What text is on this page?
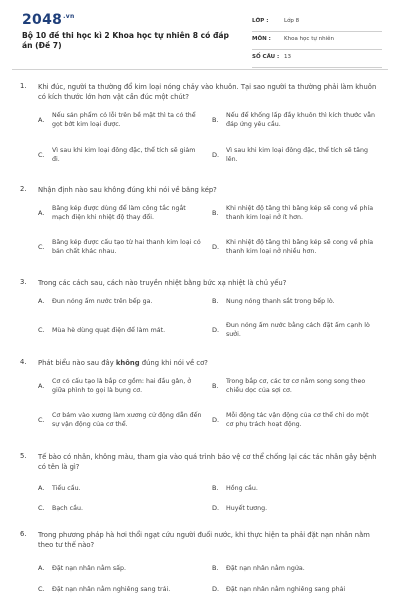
$2048^{.vn}$
Bộ 10 đề thi học kì 2 Khoa học tự nhiên 8 có đáp án (Đề 7)
LỚP :	Lớp 8
MÔN : Khoa học tự nhiên
SỐ CÂU : 13
1. Khi đúc, người ta thường đổ kim loại nóng chảy vào khuôn. Tại sao người ta thường phải làm khuôn có kích thước lớn hơn vật cần đúc một chút?
A.
Nếu sản phẩm có lỗi trên bề mặt thì ta có thể gọt bớt kim loại được.
B.
Nếu để khống lấp đầy khuôn thì kích thước vẫn đáp ứng yêu cầu.
C.
Vì sau khi kim loại đông đặc, thể tích sẽ giảm đi.
D.
Vì sau khi kim loại đông đặc, thể tích sẽ tăng lên.
2. Nhận định nào sau không đúng khi nói về băng kép?
A.
Băng kép được dùng để làm công tắc ngắt mạch điện khi nhiệt độ thay đổi.
B.
Khi nhiệt độ tăng thì băng kép sẽ cong về phía thanh kim loại nở ít hơn.
C.
Băng kép được cấu tạo từ hai thanh kim loại có bản chất khác nhau.
D.
Khi nhiệt độ tăng thì băng kép sẽ cong về phía thanh kim loại nở nhiều hơn.
3. Trong các cách sau, cách nào truyền nhiệt bằng bức xạ nhiệt là chủ yếu?
A. Đun nóng ấm nước trên bếp ga.	B. Nung nóng thanh sắt trong bếp lò.
C. Mùa hè dùng quạt điện để làm mát.	D.
Đun nóng ấm nước bằng cách đặt ấm cạnh lò sưởi.
4. Phát biểu nào sau đây không đúng khi nói về cơ?
A.
Cơ có cấu tạo là bắp cơ gồm: hai đầu gân, ở giữa phình to gọi là bụng cơ.
B.
Trong bắp cơ, các tơ cơ nằm song song theo chiều dọc của sợi cơ.
C.
Cơ bám vào xương làm xương cử động dẫn đến sự vận động của cơ thể.
D.
Mỗi động tác vận động của cơ thể chỉ do một cơ phụ trách hoạt động.
5. Tế bào có nhân, không màu, tham gia vào quá trình bảo vệ cơ thể chống lại các tác nhân gây bệnh có tên là gì?
A. Tiểu cầu.	B. Hồng cầu.
C. Bạch cầu.	D. Huyết tương.
6. Trong phương pháp hà hơi thổi ngạt cứu người đuối nước, khi thực hiện ta phải đặt nạn nhân nằm theo tư thế nào?
A. Đặt nạn nhân nằm sấp.	B. Đặt nạn nhân nằm ngửa.
C. Đặt nạn nhân nằm nghiêng sang trái.	D. Đặt nạn nhân nằm nghiêng sang phải
